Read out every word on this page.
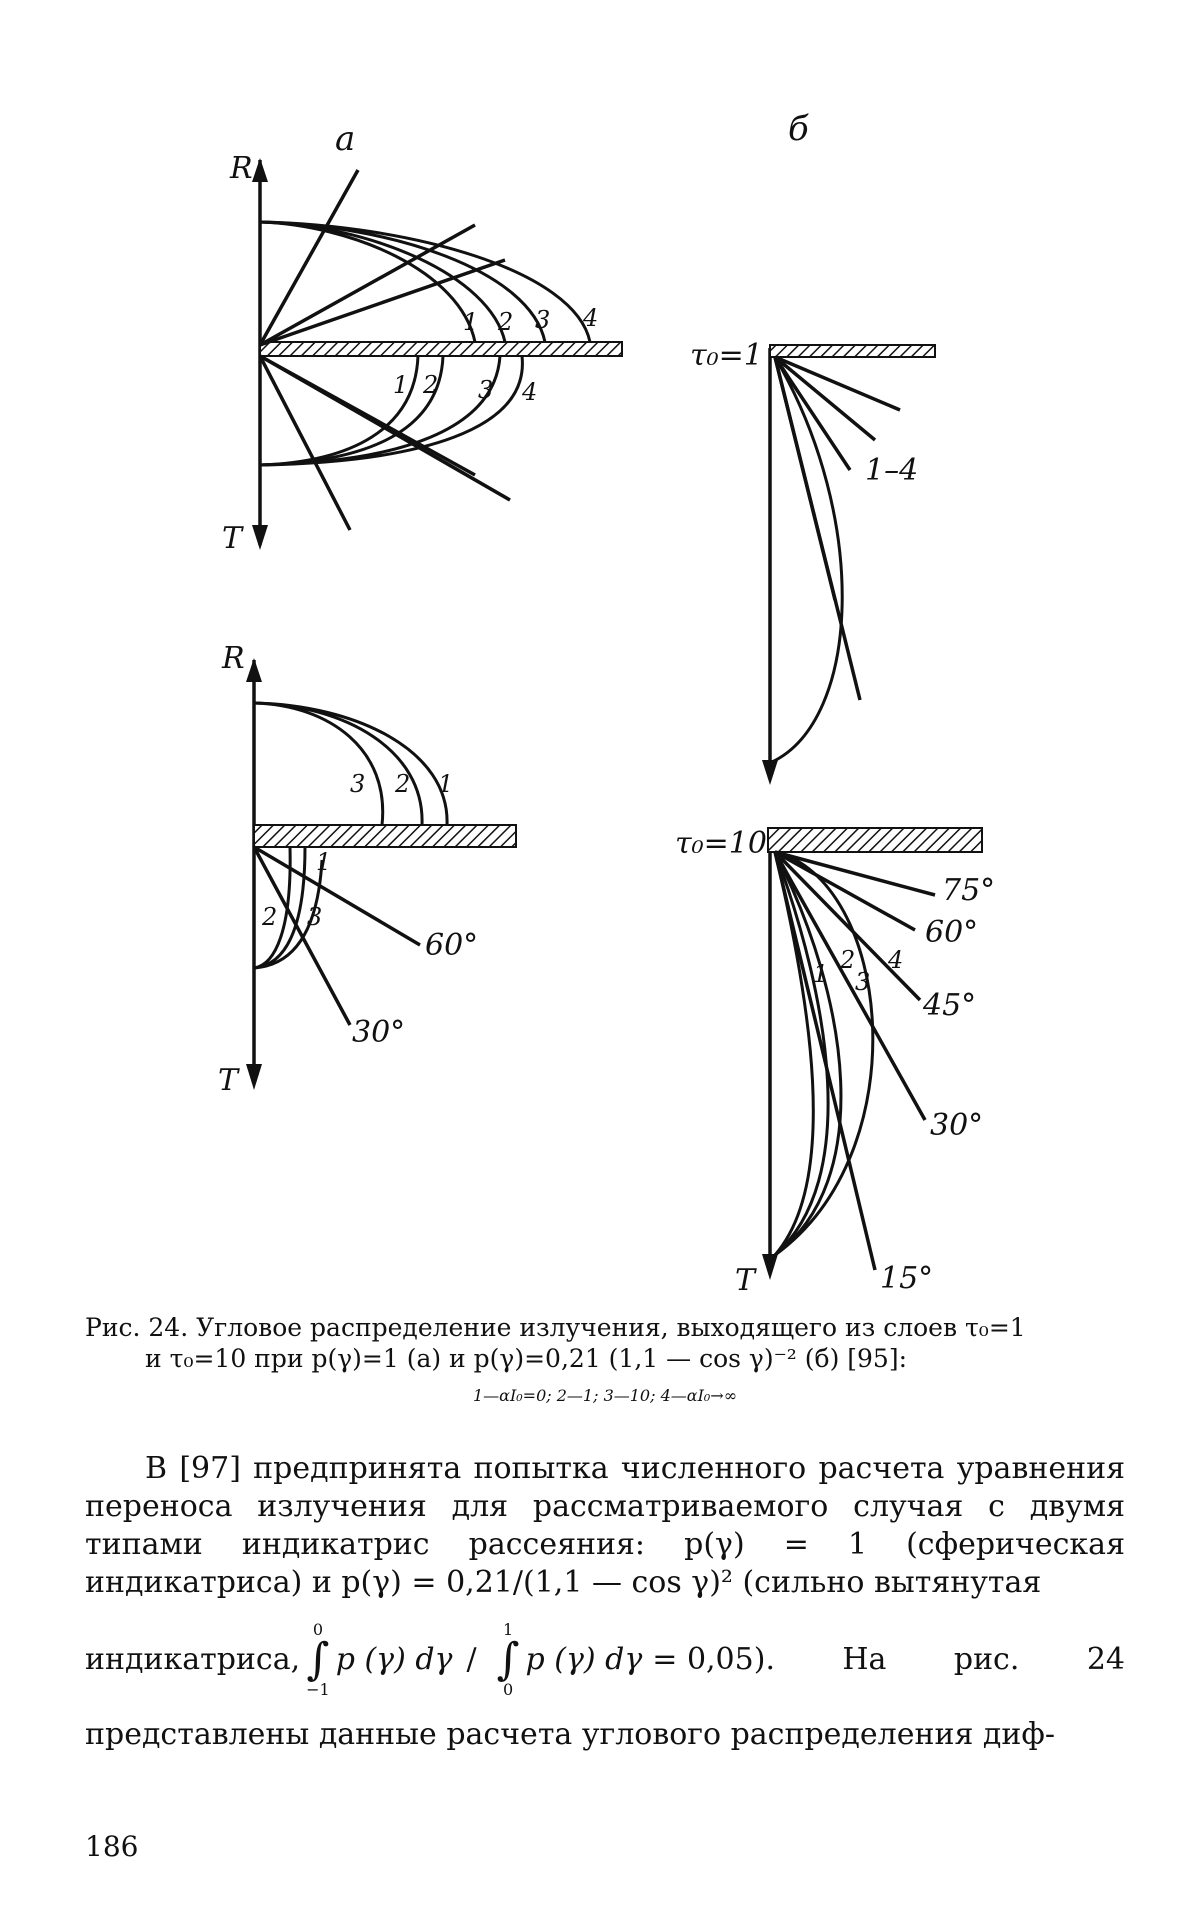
a
R
T
1 2 3 4
1 2 3 4
R
T
3 2 1
60°
30°
1
2 3
б
τ₀=1
1–4
τ₀=10
T
75°
60°
45°
30°
15°
1 2
3
4
Рис. 24. Угловое распределение излучения, выходящего из слоев τ₀=1
и τ₀=10 при p(γ)=1 (a) и p(γ)=0,21 (1,1 — cos γ)⁻² (б) [95]:
1—αI₀=0; 2—1; 3—10; 4—αI₀→∞

В [97] предпринята попытка численного расчета уравнения переноса излучения для рассматриваемого случая с двумя типами индикатрис рассеяния: p(γ) = 1 (сферическая индикатриса) и p(γ) = 0,21/(1,1 — cos γ)² (сильно вытянутая

индикатриса,
0
∫
−1
p (γ) dγ /
1
∫
0
p (γ) dγ = 0,05). На рис. 24

представлены данные расчета углового распределения диф-

186
